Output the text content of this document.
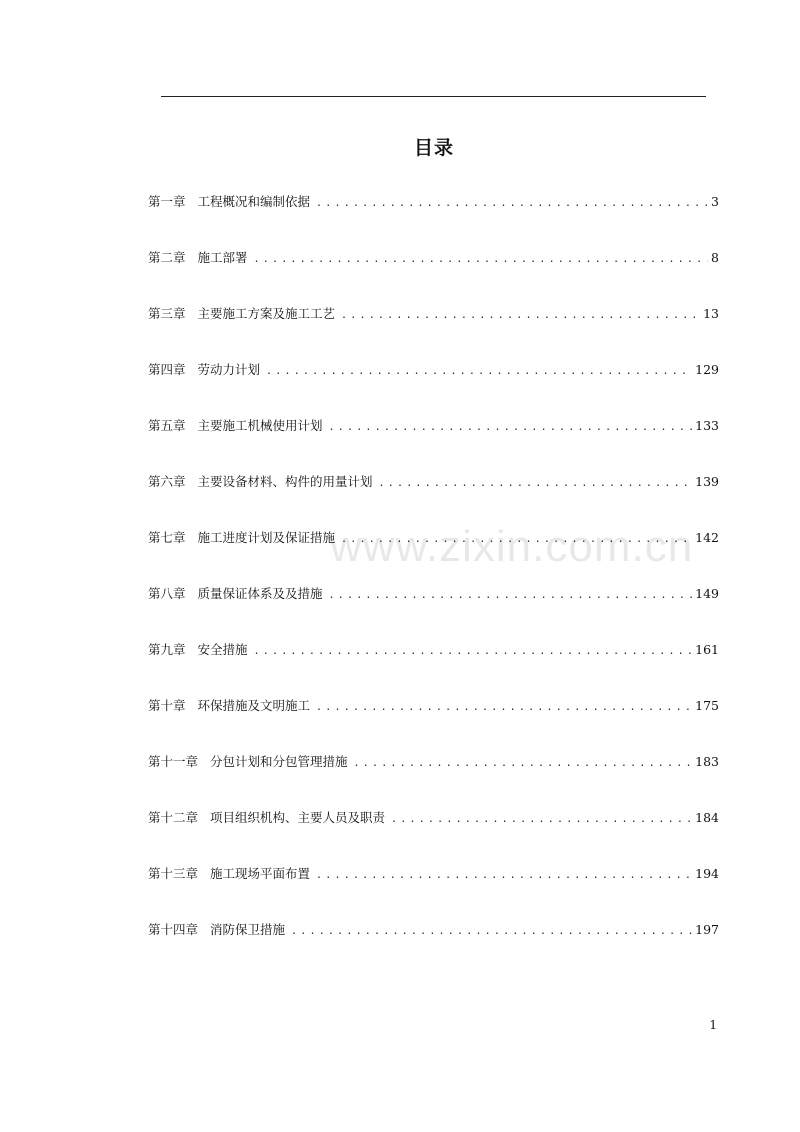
目录
第一章 工程概况和编制依据 .....	3
第二章 施工部署 .....	8
第三章 主要施工方案及施工工艺 .....	13
第四章 劳动力计划 .....	129
第五章 主要施工机械使用计划 .....	133
第六章 主要设备材料、构件的用量计划 .....	139
第七章 施工进度计划及保证措施 .....	142
第八章 质量保证体系及及措施 .....	149
第九章 安全措施 .....	161
第十章 环保措施及文明施工 .....	175
第十一章 分包计划和分包管理措施 .....	183
第十二章 项目组织机构、主要人员及职责 .....	184
第十三章 施工现场平面布置 .....	194
第十四章 消防保卫措施 .....	197
www.zixin.com.cn
1
